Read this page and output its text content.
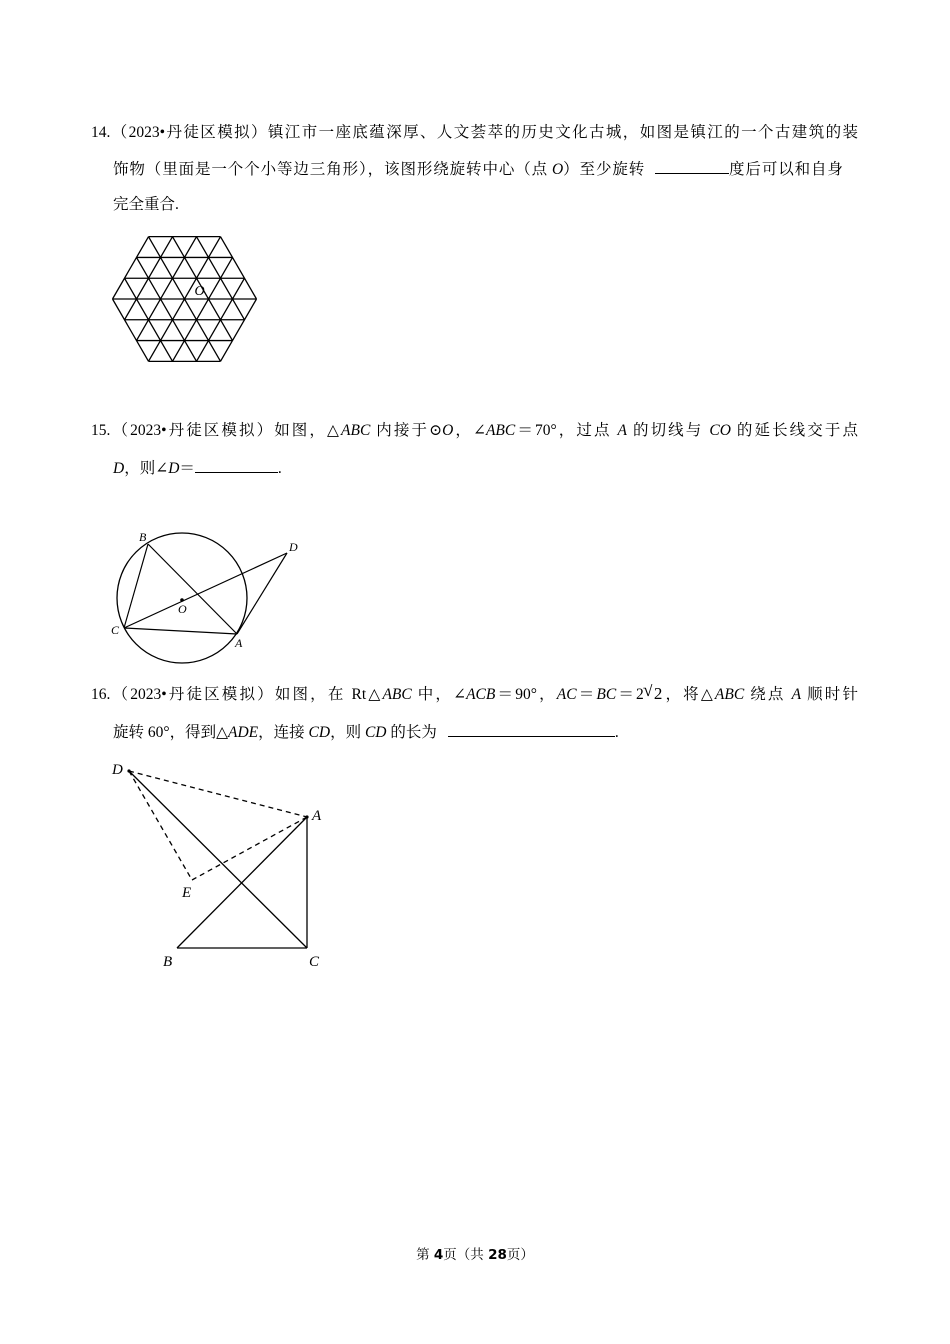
14.（2023•丹徒区模拟）镇江市一座底蕴深厚、人文荟萃的历史文化古城，如图是镇江的一个古建筑的装
饰物（里面是一个个小等边三角形），该图形绕旋转中心（点 O）至少旋转	度后可以和自身
完全重合.
O
15.（2023•丹徒区模拟）如图，△ABC 内接于⊙O，∠ABC＝70°，过点 A 的切线与 CO 的延长线交于点
D，则∠D＝	.
B
C
A
D
O
16.（2023•丹徒区模拟）如图，在 Rt△ABC 中，∠ACB＝90°，AC＝BC＝2 √ 2，将△ABC 绕点 A 顺时针
旋转 60°，得到△ADE，连接 CD，则 CD 的长为	.
D
A
E
B	C
第 4页（共 28页）
